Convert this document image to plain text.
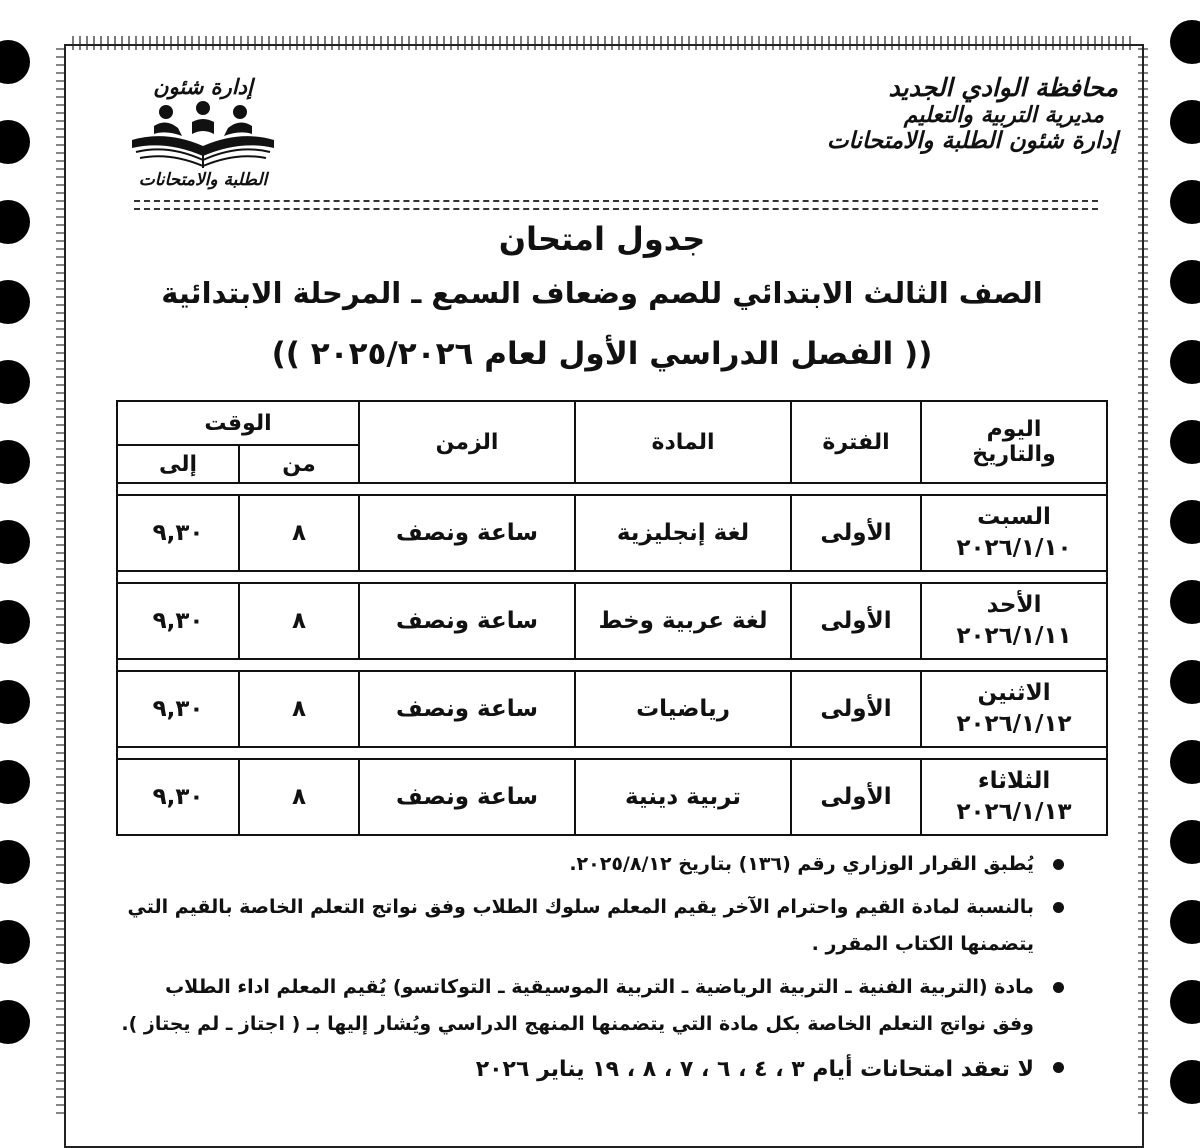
محافظة الوادي الجديد
مديرية التربية والتعليم
إدارة شئون الطلبة والامتحانات
إدارة شئون
الطلبة والامتحانات
جدول امتحان
الصف الثالث الابتدائي للصم وضعاف السمع ـ المرحلة الابتدائية
(( الفصل الدراسي الأول لعام ٢٠٢٥/٢٠٢٦ ))
اليوم
والتاريخ	الفترة	المادة	الزمن	الوقت	
				من	إلى

السبت
٢٠٢٦/١/١٠	الأولى	لغة إنجليزية	ساعة ونصف	٨	٩,٣٠

الأحد
٢٠٢٦/١/١١	الأولى	لغة عربية وخط	ساعة ونصف	٨	٩,٣٠

الاثنين
٢٠٢٦/١/١٢	الأولى	رياضيات	ساعة ونصف	٨	٩,٣٠

الثلاثاء
٢٠٢٦/١/١٣	الأولى	تربية دينية	ساعة ونصف	٨	٩,٣٠
يُطبق القرار الوزاري رقم (١٣٦) بتاريخ ٢٠٢٥/٨/١٢.
بالنسبة لمادة القيم واحترام الآخر يقيم المعلم سلوك الطلاب وفق نواتج التعلم الخاصة بالقيم التي يتضمنها الكتاب المقرر .
مادة (التربية الفنية ـ التربية الرياضية ـ التربية الموسيقية ـ التوكاتسو) يُقيم المعلم اداء الطلاب وفق نواتج التعلم الخاصة بكل مادة التي يتضمنها المنهج الدراسي ويُشار إليها بـ ( اجتاز ـ لم يجتاز ).
لا تعقد امتحانات أيام ٣ ، ٤ ، ٦ ، ٧ ، ٨ ، ١٩ يناير ٢٠٢٦
